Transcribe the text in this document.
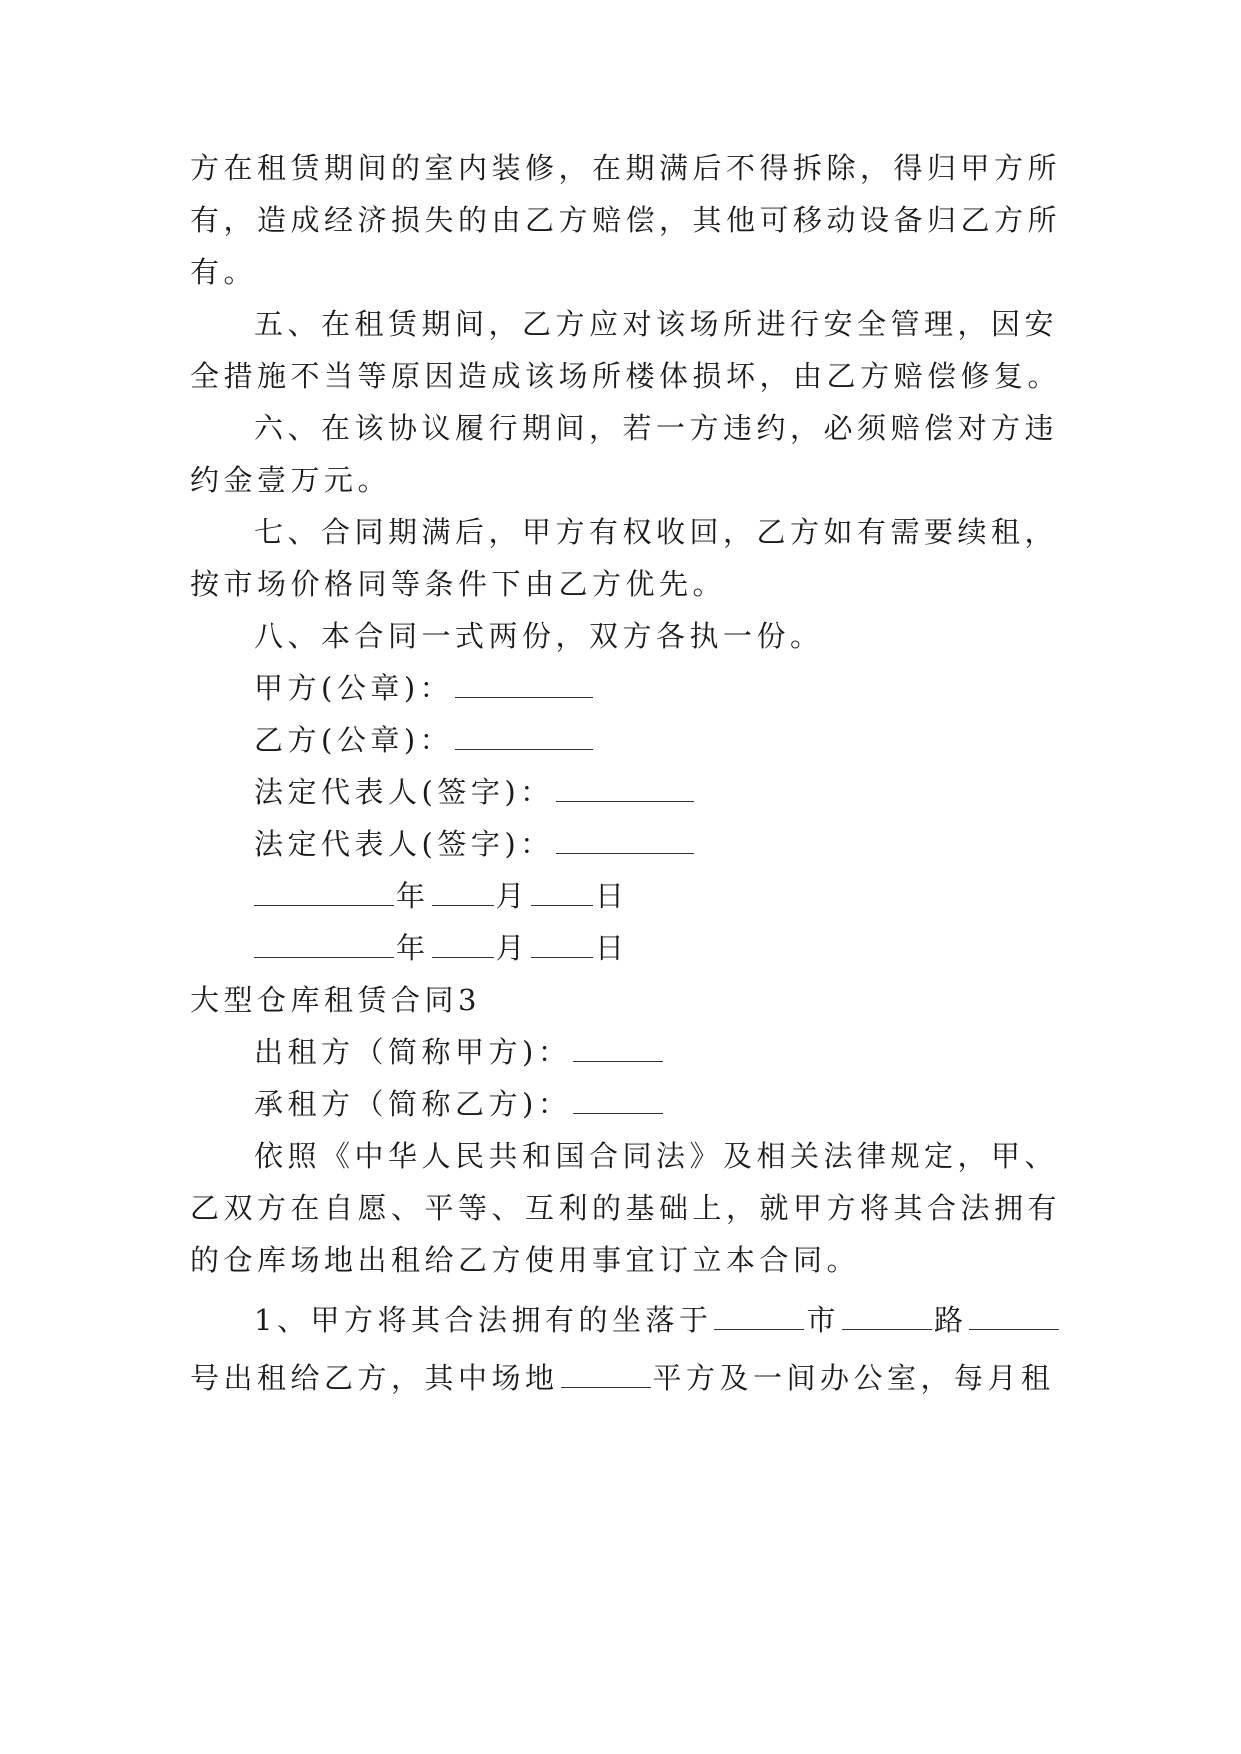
方在租赁期间的室内装修，在期满后不得拆除，得归甲方所
有，造成经济损失的由乙方赔偿，其他可移动设备归乙方所
有。
五、在租赁期间，乙方应对该场所进行安全管理，因安
全措施不当等原因造成该场所楼体损坏，由乙方赔偿修复。
六、在该协议履行期间，若一方违约，必须赔偿对方违
约金壹万元。
七、合同期满后，甲方有权收回，乙方如有需要续租，
按市场价格同等条件下由乙方优先。
八、本合同一式两份，双方各执一份。
甲方(公章)：
乙方(公章)：
法定代表人(签字)：
法定代表人(签字)：
年 月 日
年 月 日
大型仓库租赁合同3
出租方（简称甲方)：
承租方（简称乙方)：
依照《中华人民共和国合同法》及相关法律规定，甲、
乙双方在自愿、平等、互利的基础上，就甲方将其合法拥有
的仓库场地出租给乙方使用事宜订立本合同。
1、甲方将其合法拥有的坐落于	市	路
号出租给乙方，其中场地	平方及一间办公室，每月租
